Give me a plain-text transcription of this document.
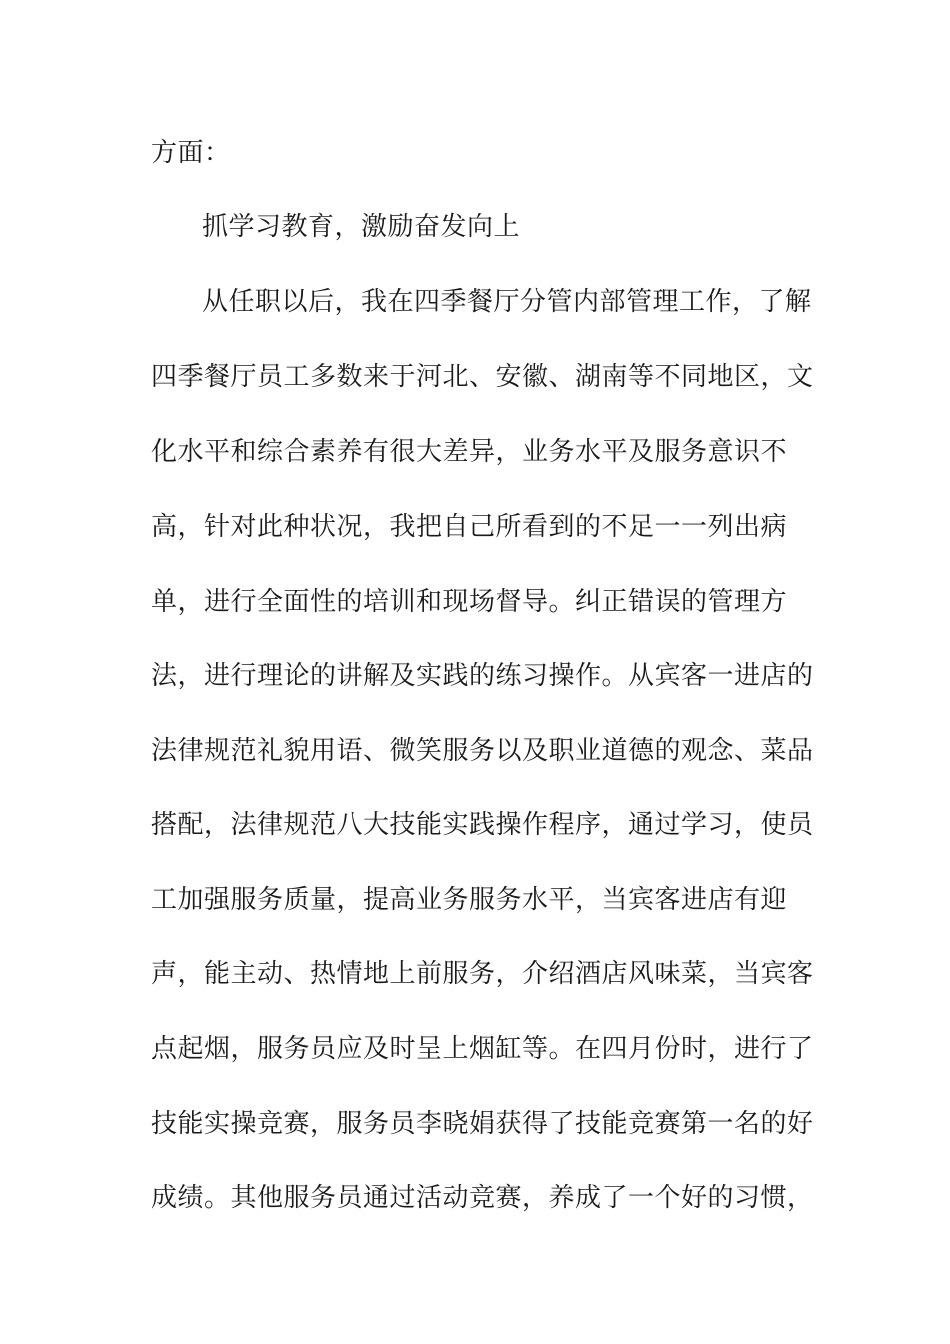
方面：
抓学习教育，激励奋发向上
从任职以后，我在四季餐厅分管内部管理工作，了解
四季餐厅员工多数来于河北、安徽、湖南等不同地区，文
化水平和综合素养有很大差异，业务水平及服务意识不
高，针对此种状况，我把自己所看到的不足一一列出病
单，进行全面性的培训和现场督导。纠正错误的管理方
法，进行理论的讲解及实践的练习操作。从宾客一进店的
法律规范礼貌用语、微笑服务以及职业道德的观念、菜品
搭配，法律规范八大技能实践操作程序，通过学习，使员
工加强服务质量，提高业务服务水平，当宾客进店有迎
声，能主动、热情地上前服务，介绍酒店风味菜，当宾客
点起烟，服务员应及时呈上烟缸等。在四月份时，进行了
技能实操竞赛，服务员李晓娟获得了技能竞赛第一名的好
成绩。其他服务员通过活动竞赛，养成了一个好的习惯，
